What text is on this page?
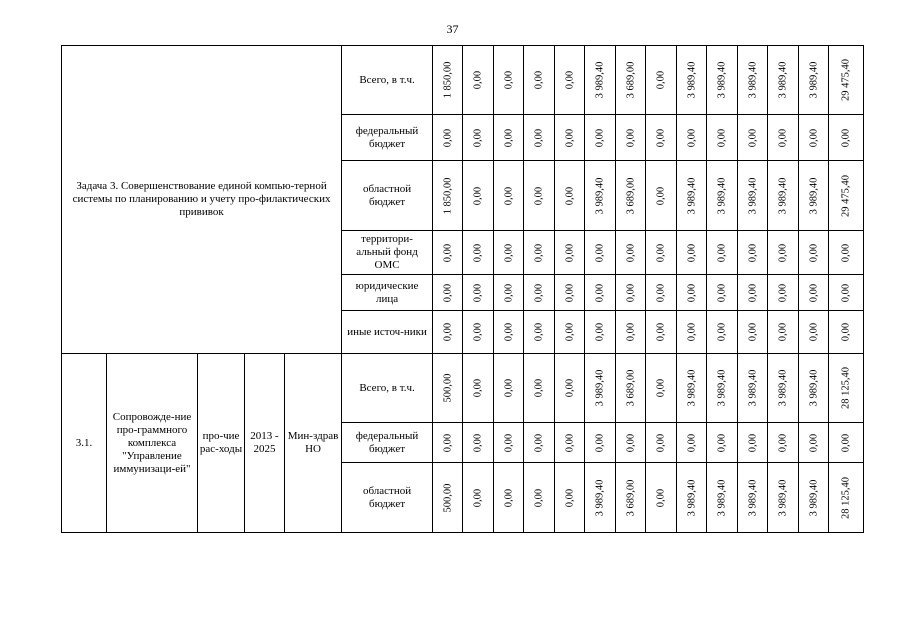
37
Задача 3. Совершенствование единой компью-терной системы по планированию и учету про-филактических прививок					Всего, в т.ч.	1 850,00	0,00	0,00	0,00	0,00	3 989,40	3 689,00	0,00	3 989,40	3 989,40	3 989,40	3 989,40	3 989,40	29 475,40

					федеральный бюджет	0,00	0,00	0,00	0,00	0,00	0,00	0,00	0,00	0,00	0,00	0,00	0,00	0,00	0,00

					областной бюджет	1 850,00	0,00	0,00	0,00	0,00	3 989,40	3 689,00	0,00	3 989,40	3 989,40	3 989,40	3 989,40	3 989,40	29 475,40

					территори-альный фонд ОМС	0,00	0,00	0,00	0,00	0,00	0,00	0,00	0,00	0,00	0,00	0,00	0,00	0,00	0,00

					юридические лица	0,00	0,00	0,00	0,00	0,00	0,00	0,00	0,00	0,00	0,00	0,00	0,00	0,00	0,00

					иные источ-ники	0,00	0,00	0,00	0,00	0,00	0,00	0,00	0,00	0,00	0,00	0,00	0,00	0,00	0,00

3.1.	Сопровожде-ние про-граммного комплекса "Управление иммунизаци-ей"	про-чие рас-ходы	2013 - 2025	Мин-здрав НО	Всего, в т.ч.	500,00	0,00	0,00	0,00	0,00	3 989,40	3 689,00	0,00	3 989,40	3 989,40	3 989,40	3 989,40	3 989,40	28 125,40

					федеральный бюджет	0,00	0,00	0,00	0,00	0,00	0,00	0,00	0,00	0,00	0,00	0,00	0,00	0,00	0,00

					областной бюджет	500,00	0,00	0,00	0,00	0,00	3 989,40	3 689,00	0,00	3 989,40	3 989,40	3 989,40	3 989,40	3 989,40	28 125,40
